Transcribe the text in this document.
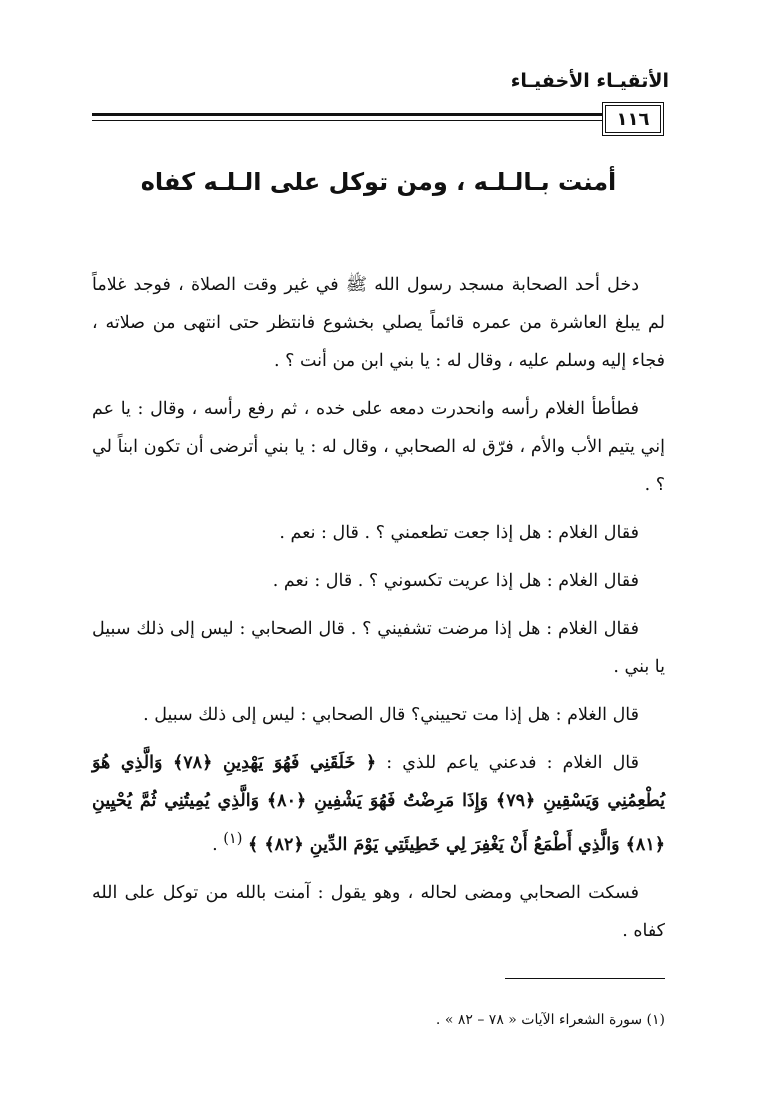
الأتقيـاء الأخفيـاء
١١٦
أمنت بـالـلـه ، ومن توكل على الـلـه كفاه

دخل أحد الصحابة مسجد رسول الله ﷺ في غير وقت الصلاة ، فوجد غلاماً لم يبلغ العاشرة من عمره قائماً يصلي بخشوع فانتظر حتى انتهى من صلاته ، فجاء إليه وسلم عليه ، وقال له : يا بني ابن من أنت ؟ .

فطأطأ الغلام رأسه وانحدرت دمعه على خده ، ثم رفع رأسه ، وقال : يا عم إني يتيم الأب والأم ، فرّق له الصحابي ، وقال له : يا بني أترضى أن تكون ابناً لي ؟ .

فقال الغلام : هل إذا جعت تطعمني ؟ . قال : نعم .

فقال الغلام : هل إذا عريت تكسوني ؟ . قال : نعم .

فقال الغلام : هل إذا مرضت تشفيني ؟ . قال الصحابي : ليس إلى ذلك سبيل يا بني .

قال الغلام : هل إذا مت تحييني؟ قال الصحابي : ليس إلى ذلك سبيل .

قال الغلام : فدعني ياعم للذي : ﴿ خَلَقَنِي فَهُوَ يَهْدِينِ ﴿٧٨﴾ وَالَّذِي هُوَ يُطْعِمُنِي وَيَسْقِينِ ﴿٧٩﴾ وَإِذَا مَرِضْتُ فَهُوَ يَشْفِينِ ﴿٨٠﴾ وَالَّذِي يُمِيتُنِي ثُمَّ يُحْيِينِ ﴿٨١﴾ وَالَّذِي أَطْمَعُ أَنْ يَغْفِرَ لِي خَطِيئَتِي يَوْمَ الدِّينِ ﴿٨٢﴾ ﴾ $^{(١)}$ .

فسكت الصحابي ومضى لحاله ، وهو يقول : آمنت بالله من توكل على الله كفاه .

(١) سورة الشعراء الآيات « ٧٨ – ٨٢ » .
